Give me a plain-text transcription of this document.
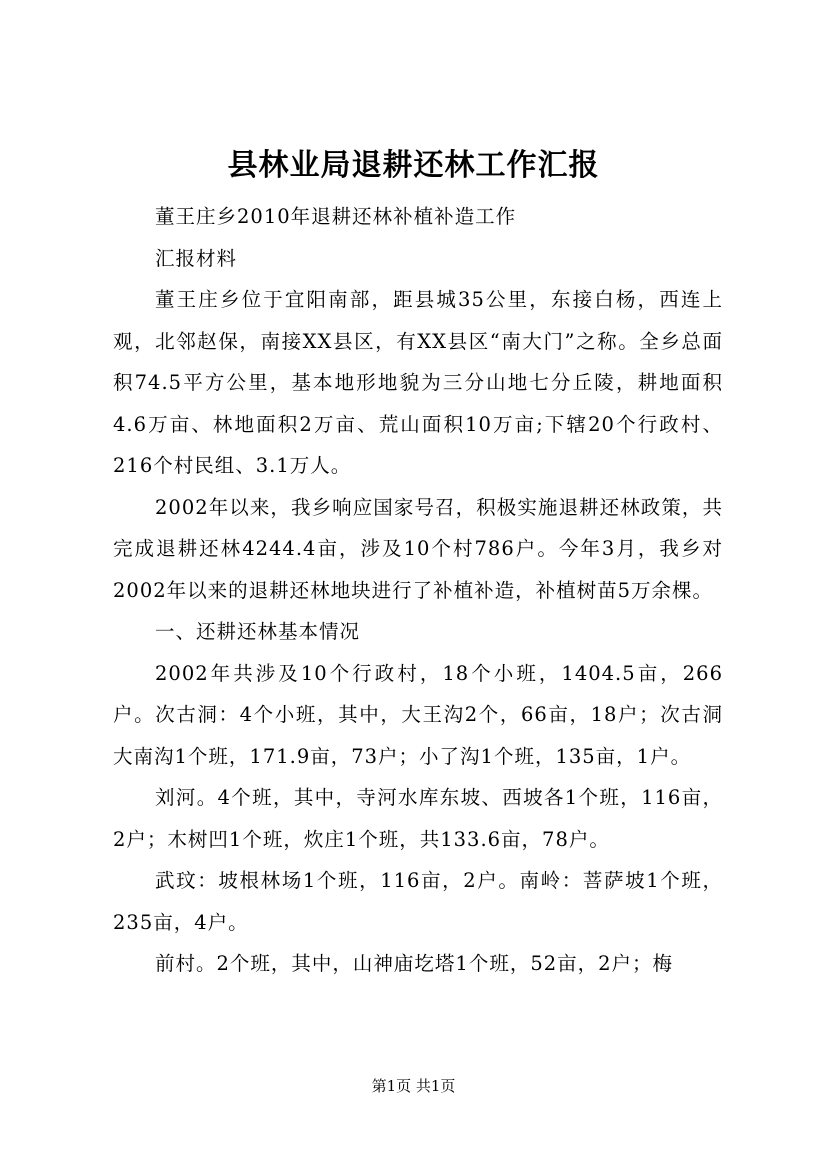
县林业局退耕还林工作汇报

董王庄乡2010年退耕还林补植补造工作

汇报材料

董王庄乡位于宜阳南部，距县城35公里，东接白杨，西连上观，北邻赵保，南接XX县区，有XX县区“南大门”之称。全乡总面积74.5平方公里，基本地形地貌为三分山地七分丘陵，耕地面积4.6万亩、林地面积2万亩、荒山面积10万亩;下辖20个行政村、216个村民组、3.1万人。

2002年以来，我乡响应国家号召，积极实施退耕还林政策，共完成退耕还林4244.4亩，涉及10个村786户。今年3月，我乡对2002年以来的退耕还林地块进行了补植补造，补植树苗5万余棵。

一、还耕还林基本情况

2002年共涉及10个行政村，18个小班，1404.5亩，266户。次古洞：4个小班，其中，大王沟2个，66亩，18户；次古洞大南沟1个班，171.9亩，73户；小了沟1个班，135亩，1户。

刘河。4个班，其中，寺河水库东坡、西坡各1个班，116亩，2户；木树凹1个班，炊庄1个班，共133.6亩，78户。

武玟：坡根林场1个班，116亩，2户。南岭：菩萨坡1个班，235亩，4户。

前村。2个班，其中，山神庙圪塔1个班，52亩，2户；梅

第1页 共1页
